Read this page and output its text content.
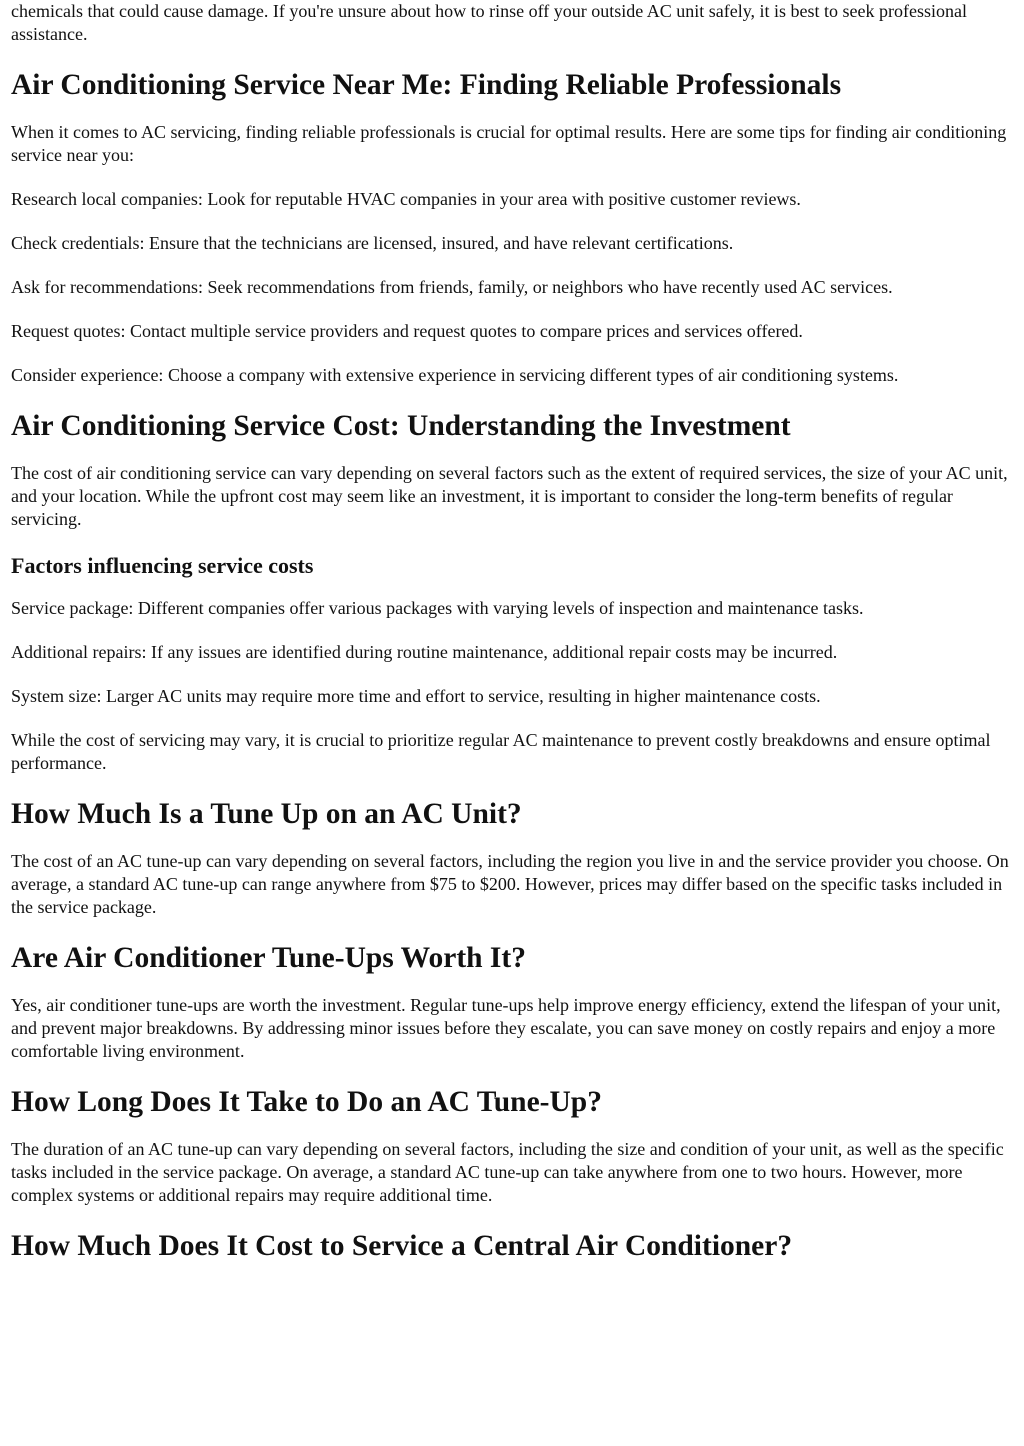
chemicals that could cause damage. If you're unsure about how to rinse off your outside AC unit safely, it is best to seek professional assistance.

Air Conditioning Service Near Me: Finding Reliable Professionals

When it comes to AC servicing, finding reliable professionals is crucial for optimal results. Here are some tips for finding air conditioning service near you:

Research local companies: Look for reputable HVAC companies in your area with positive customer reviews.

Check credentials: Ensure that the technicians are licensed, insured, and have relevant certifications.

Ask for recommendations: Seek recommendations from friends, family, or neighbors who have recently used AC services.

Request quotes: Contact multiple service providers and request quotes to compare prices and services offered.

Consider experience: Choose a company with extensive experience in servicing different types of air conditioning systems.

Air Conditioning Service Cost: Understanding the Investment

The cost of air conditioning service can vary depending on several factors such as the extent of required services, the size of your AC unit, and your location. While the upfront cost may seem like an investment, it is important to consider the long-term benefits of regular servicing.

Factors influencing service costs

Service package: Different companies offer various packages with varying levels of inspection and maintenance tasks.

Additional repairs: If any issues are identified during routine maintenance, additional repair costs may be incurred.

System size: Larger AC units may require more time and effort to service, resulting in higher maintenance costs.

While the cost of servicing may vary, it is crucial to prioritize regular AC maintenance to prevent costly breakdowns and ensure optimal performance.

How Much Is a Tune Up on an AC Unit?

The cost of an AC tune-up can vary depending on several factors, including the region you live in and the service provider you choose. On average, a standard AC tune-up can range anywhere from $75 to $200. However, prices may differ based on the specific tasks included in the service package.

Are Air Conditioner Tune-Ups Worth It?

Yes, air conditioner tune-ups are worth the investment. Regular tune-ups help improve energy efficiency, extend the lifespan of your unit, and prevent major breakdowns. By addressing minor issues before they escalate, you can save money on costly repairs and enjoy a more comfortable living environment.

How Long Does It Take to Do an AC Tune-Up?

The duration of an AC tune-up can vary depending on several factors, including the size and condition of your unit, as well as the specific tasks included in the service package. On average, a standard AC tune-up can take anywhere from one to two hours. However, more complex systems or additional repairs may require additional time.

How Much Does It Cost to Service a Central Air Conditioner?
